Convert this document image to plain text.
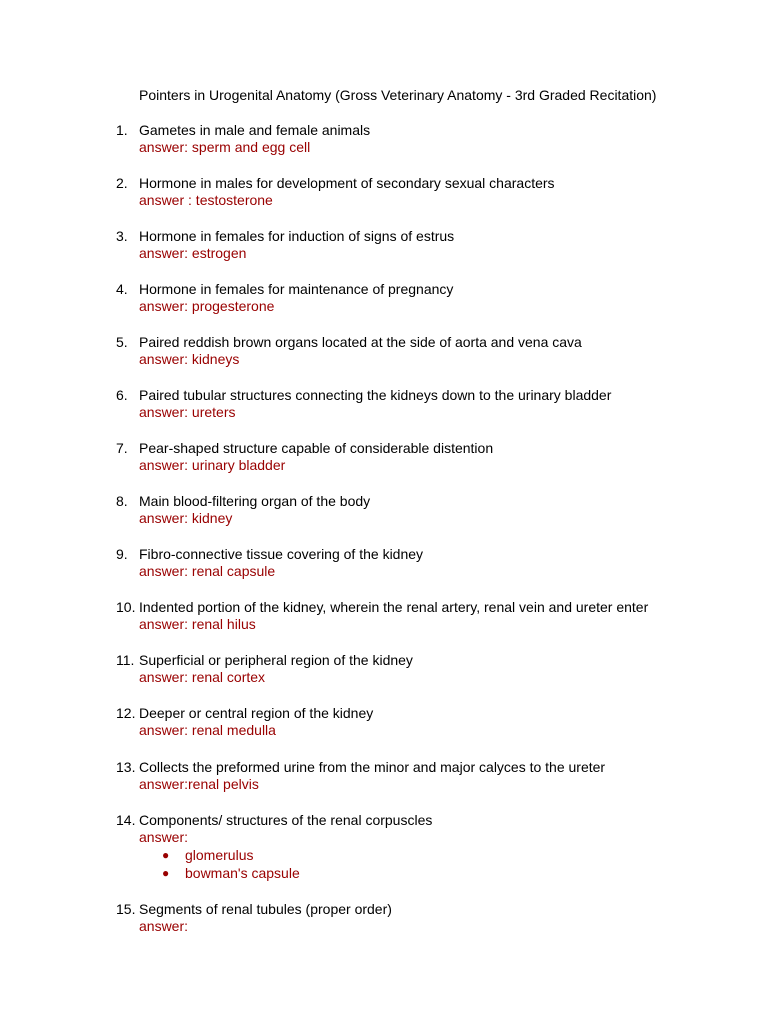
Pointers in Urogenital Anatomy (Gross Veterinary Anatomy - 3rd Graded Recitation)
1. Gametes in male and female animals
answer: sperm and egg cell
2. Hormone in males for development of secondary sexual characters
answer : testosterone
3. Hormone in females for induction of signs of estrus
answer: estrogen
4. Hormone in females for maintenance of pregnancy
answer: progesterone
5. Paired reddish brown organs located at the side of aorta and vena cava
answer: kidneys
6. Paired tubular structures connecting the kidneys down to the urinary bladder
answer: ureters
7. Pear-shaped structure capable of considerable distention
answer: urinary bladder
8. Main blood-filtering organ of the body
answer: kidney
9. Fibro-connective tissue covering of the kidney
answer: renal capsule
10. Indented portion of the kidney, wherein the renal artery, renal vein and ureter enter
answer: renal hilus
11. Superficial or peripheral region of the kidney
answer: renal cortex
12. Deeper or central region of the kidney
answer: renal medulla
13. Collects the preformed urine from the minor and major calyces to the ureter
answer:renal pelvis
14. Components/ structures of the renal corpuscles
answer:
● glomerulus
● bowman's capsule
15. Segments of renal tubules (proper order)
answer:
